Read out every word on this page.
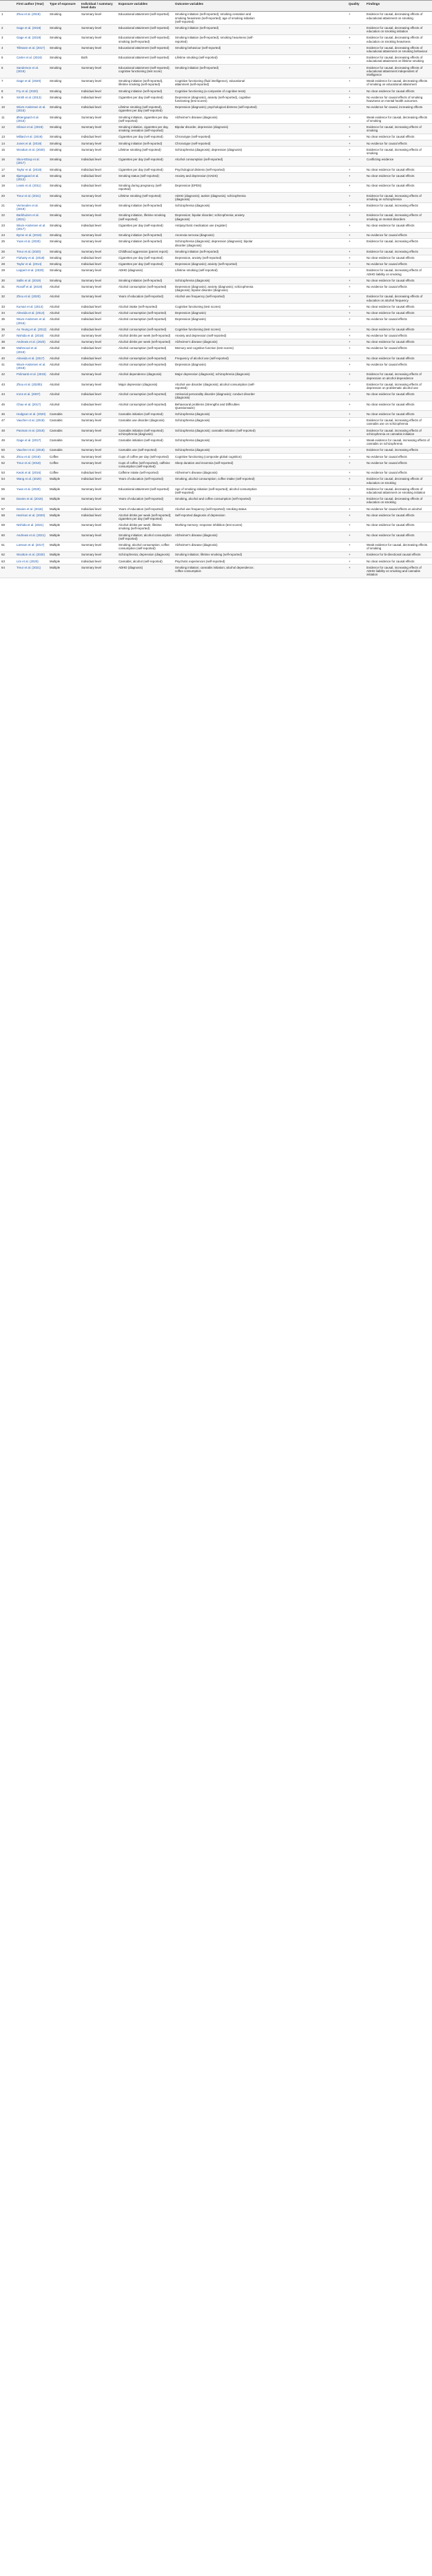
	First author (Year)	Type of exposure	Individual / summary level data	Exposure variables	Outcome variables		Quality	Findings
1	Zhou et al. (2019)	Smoking	Summary level	Educational attainment (self-reported)	Smoking initiation (self-reported); smoking cessation and smoking heaviness (self-reported); age of smoking initiation (self-reported)		+	Evidence for causal, decreasing effects of educational attainment on smoking
2	Gage et al. (2018)	Smoking	Summary level	Educational attainment (self-reported)	Smoking initiation (self-reported)		+	Evidence for causal, decreasing effects of education on smoking initiation
3	Gage et al. (2018)	Smoking	Summary level	Educational attainment (self-reported); smoking (self-reported)	Smoking initiation (self-reported); smoking heaviness (self-reported)		+	Evidence for causal, decreasing effects of education on smoking heaviness
4	Tillmann et al. (2017)	Smoking	Summary level	Educational attainment (self-reported)	Smoking behaviour (self-reported)		+	Evidence for causal, decreasing effects of educational attainment on smoking behaviour
5	Carter et al. (2019)	Smoking	Both	Educational attainment (self-reported)	Lifetime smoking (self-reported)		+	Evidence for causal, decreasing effects of educational attainment on lifetime smoking
6	Sanderson et al. (2019)	Smoking	Summary level	Educational attainment (self-reported); cognitive functioning (test score)	Smoking initiation (self-reported)		+	Evidence for causal, decreasing effects of educational attainment independent of intelligence
7	Gage et al. (2020)	Smoking	Summary level	Smoking initiation (self-reported), lifetime smoking (self-reported)	Cognitive functioning (fluid intelligence), educational attainment (self-reported)		+	Weak evidence for causal, decreasing effects of smoking on educational attainment
8	Fry et al. (2020)	Smoking	Individual level	Smoking initiation (self-reported)	Cognitive functioning (a composite of cognitive tests)		+	No clear evidence for causal effects
9	Smith et al. (2013)	Smoking	Individual level	Cigarettes per day (self-reported)	Depression (diagnosis), anxiety (self-reported), cognitive functioning (test scores)		+	No evidence for causal effects of smoking heaviness on mental health outcomes
10	Wium-Andersen et al. (2015)	Smoking	Individual level	Lifetime smoking (self-reported), cigarettes per day (self-reported)	Depression (diagnosis); psychological distress (self-reported)		+	No evidence for causal, increasing effects
11	Østergaard et al. (2015)	Smoking	Summary level	Smoking initiation, cigarettes per day (self-reported)	Alzheimer's disease (diagnosis)		+	Weak evidence for causal, decreasing effects of smoking
12	Gibson et al. (2019)	Smoking	Summary level	Smoking initiation, cigarettes per day, smoking cessation (self-reported)	Bipolar disorder, depression (diagnosis)		+	Evidence for causal, increasing effects of smoking
13	Millard et al. (2019)	Smoking	Individual level	Cigarettes per day (self-reported)	Chronotype (self-reported)		+	No clear evidence for causal effects
14	Jones et al. (2019)	Smoking	Summary level	Smoking initiation (self-reported)	Chronotype (self-reported)		+	No evidence for causal effects
15	Wootton et al. (2020)	Smoking	Summary level	Lifetime smoking (self-reported)	Schizophrenia (diagnosis); depression (diagnosis)		+	Evidence for causal, increasing effects of smoking
16	Skov-Ettrup et al. (2017)	Smoking	Individual level	Cigarettes per day (self-reported)	Alcohol consumption (self-reported)		+	Conflicting evidence
17	Taylor et al. (2019)	Smoking	Individual level	Cigarettes per day (self-reported)	Psychological distress (self-reported)		+	No clear evidence for causal effects
18	Bjørngaard et al. (2013)	Smoking	Individual level	Smoking status (self-reported)	Anxiety and depression (HADS)		+	No clear evidence for causal effects
19	Lewis et al. (2011)	Smoking	Individual level	Smoking during pregnancy (self-reported)	Depression (EPDS)		+	No clear evidence for causal effects
20	Treur et al. (2021)	Smoking	Summary level	Lifetime smoking (self-reported)	ADHD (diagnosis); autism (diagnosis); schizophrenia (diagnosis)		+	Evidence for causal, increasing effects of smoking on schizophrenia
21	Vermeulen et al. (2019)	Smoking	Summary level	Smoking initiation (self-reported)	Schizophrenia (diagnosis)		+	Evidence for causal, increasing effects
22	Barkhuizen et al. (2021)	Smoking	Summary level	Smoking initiation, lifetime smoking (self-reported)	Depression; bipolar disorder; schizophrenia; anxiety (diagnosis)		+	Evidence for causal, increasing effects of smoking on mental disorders
23	Wium-Andersen et al. (2017)	Smoking	Individual level	Cigarettes per day (self-reported)	Antipsychotic medication use (register)		+	No clear evidence for causal effects
24	Byrne et al. (2019)	Smoking	Summary level	Smoking initiation (self-reported)	Anorexia nervosa (diagnosis)		+	No evidence for causal effects
25	Yuan et al. (2020)	Smoking	Summary level	Smoking initiation (self-reported)	Schizophrenia (diagnosis); depression (diagnosis); bipolar disorder (diagnosis)		+	Evidence for causal, increasing effects
26	Treur et al. (2020)	Smoking	Summary level	Childhood aggression (parent report)	Smoking initiation (self-reported)		+	Evidence for causal, increasing effects
27	Fluharty et al. (2018)	Smoking	Individual level	Cigarettes per day (self-reported)	Depression, anxiety (self-reported)		+	No clear evidence for causal effects
28	Taylor et al. (2014)	Smoking	Individual level	Cigarettes per day (self-reported)	Depression (diagnosis); anxiety (self-reported)		+	No evidence for causal effects
29	Leppert et al. (2020)	Smoking	Summary level	ADHD (diagnosis)	Lifetime smoking (self-reported)		+	Evidence for causal, increasing effects of ADHD liability on smoking
30	Sallis et al. (2019)	Smoking	Summary level	Smoking initiation (self-reported)	Schizophrenia (diagnosis)		+	No clear evidence for causal effects
31	Rosoff et al. (2019)	Alcohol	Summary level	Alcohol consumption (self-reported)	Depression (diagnosis); anxiety (diagnosis); schizophrenia (diagnosis); bipolar disorder (diagnosis)		+	No evidence for causal effects
32	Zhou et al. (2020)	Alcohol	Summary level	Years of education (self-reported)	Alcohol use frequency (self-reported)		+	Evidence for causal, decreasing effects of education on alcohol frequency
33	Kumari et al. (2014)	Alcohol	Individual level	Alcohol intake (self-reported)	Cognitive functioning (test scores)		+	No clear evidence for causal effects
34	Almeida et al. (2014)	Alcohol	Individual level	Alcohol consumption (self-reported)	Depression (diagnosis)		+	No clear evidence for causal effects
35	Wium-Andersen et al. (2015)	Alcohol	Individual level	Alcohol consumption (self-reported)	Depression (diagnosis)		+	No evidence for causal effects
36	Au Yeung et al. (2012)	Alcohol	Individual level	Alcohol consumption (self-reported)	Cognitive functioning (test scores)		+	No clear evidence for causal effects
37	Nishida et al. (2018)	Alcohol	Summary level	Alcohol drinks per week (self-reported)	Anxiety and depression (self-reported)		+	No evidence for causal effects
38	Andrews et al. (2020)	Alcohol	Summary level	Alcohol drinks per week (self-reported)	Alzheimer's disease (diagnosis)		+	No clear evidence for causal effects
39	Mahmood et al. (2019)	Alcohol	Individual level	Alcohol consumption (self-reported)	Memory and cognitive function (test scores)		+	No evidence for causal effects
40	Almeida et al. (2017)	Alcohol	Individual level	Alcohol consumption (self-reported)	Frequency of alcohol use (self-reported)		+	No clear evidence for causal effects
41	Wium-Andersen et al. (2018)	Alcohol	Individual level	Alcohol consumption (self-reported)	Depression (diagnosis)		+	No evidence for causal effects
42	Polimanti et al. (2019)	Alcohol	Summary level	Alcohol dependence (diagnosis)	Major depression (diagnosis); schizophrenia (diagnosis)		+	Evidence for causal, increasing effects of depression on alcohol dependence
43	Zhou et al. (2020b)	Alcohol	Summary level	Major depression (diagnosis)	Alcohol use disorder (diagnosis); alcohol consumption (self-reported)		+	Evidence for causal, increasing effects of depression on problematic alcohol use
44	Irons et al. (2007)	Alcohol	Individual level	Alcohol consumption (self-reported)	Antisocial personality disorder (diagnosis); conduct disorder (diagnosis)		+	No clear evidence for causal effects
45	Chao et al. (2017)	Alcohol	Individual level	Alcohol consumption (self-reported)	Behavioural problems (Strengths and Difficulties Questionnaire)		+	No clear evidence for causal effects
46	Hodgson et al. (2020)	Cannabis	Summary level	Cannabis initiation (self-reported)	Schizophrenia (diagnosis)		+	No clear evidence for causal effects
47	Vaucher et al. (2018)	Cannabis	Summary level	Cannabis use disorder (diagnosis)	Schizophrenia (diagnosis)		+	Evidence for causal, increasing effects of cannabis use on schizophrenia
48	Pasman et al. (2018)	Cannabis	Summary level	Cannabis initiation (self-reported); schizophrenia (diagnosis)	Schizophrenia (diagnosis); cannabis initiation (self-reported)		+	Evidence for causal, increasing effects of schizophrenia on cannabis initiation
49	Gage et al. (2017)	Cannabis	Summary level	Cannabis initiation (self-reported)	Schizophrenia (diagnosis)		+	Weak evidence for causal, increasing effects of cannabis on schizophrenia
50	Vaucher et al. (2018)	Cannabis	Summary level	Cannabis use (self-reported)	Schizophrenia (diagnosis)		+	Evidence for causal, increasing effects
51	Zhou et al. (2019)	Coffee	Summary level	Cups of coffee per day (self-reported)	Cognitive functioning (composite global cognition)		+	No evidence for causal effects
52	Treur et al. (2018)	Coffee	Summary level	Cups of coffee (self-reported), caffeine consumption (self-reported)	Sleep duration and insomnia (self-reported)		+	No evidence for causal effects
53	Kwok et al. (2016)	Coffee	Individual level	Caffeine intake (self-reported)	Alzheimer's disease (diagnosis)		+	No evidence for causal effects
54	Wang et al. (2020)	Multiple	Individual level	Years of education (self-reported)	Smoking; alcohol consumption; coffee intake (self-reported)		+	Evidence for causal, decreasing effects of education on smoking
55	Yuan et al. (2020)	Multiple	Summary level	Educational attainment (self-reported)	Age of smoking initiation (self-reported); alcohol consumption (self-reported)		+	Evidence for causal, decreasing effects of educational attainment on smoking initiation
56	Davies et al. (2019)	Multiple	Summary level	Years of education (self-reported)	Smoking, alcohol and coffee consumption (self-reported)		+	Evidence for causal, decreasing effects of education on smoking
57	Davies et al. (2018)	Multiple	Individual level	Years of education (self-reported)	Alcohol use frequency (self-reported); smoking status		+	No evidence for causal effects on alcohol
58	Harrison et al. (2020)	Multiple	Individual level	Alcohol drinks per week (self-reported); cigarettes per day (self-reported)	Self-reported diagnosis of depression		+	No clear evidence for causal effects
59	Nishida et al. (2021)	Multiple	Summary level	Alcohol drinks per week; lifetime smoking (self-reported)	Working memory; response inhibition (test scores)		+	No clear evidence for causal effects
60	Andrews et al. (2021)	Multiple	Summary level	Smoking initiation; alcohol consumption (self-reported)	Alzheimer's disease (diagnosis)		+	No clear evidence for causal effects
61	Larsson et al. (2017)	Multiple	Summary level	Smoking; alcohol consumption; coffee consumption (self-reported)	Alzheimer's disease (diagnosis)		+	Weak evidence for causal, decreasing effects of smoking
62	Wootton et al. (2020)	Multiple	Summary level	Schizophrenia; depression (diagnosis)	Smoking initiation; lifetime smoking (self-reported)		+	Evidence for bi-directional causal effects
63	Lim et al. (2020)	Multiple	Individual level	Cannabis; alcohol (self-reported)	Psychotic experiences (self-reported)		+	No clear evidence for causal effects
64	Treur et al. (2021)	Multiple	Summary level	ADHD (diagnosis)	Smoking initiation; cannabis initiation; alcohol dependence; coffee consumption		+	Evidence for causal, increasing effects of ADHD liability on smoking and cannabis initiation
